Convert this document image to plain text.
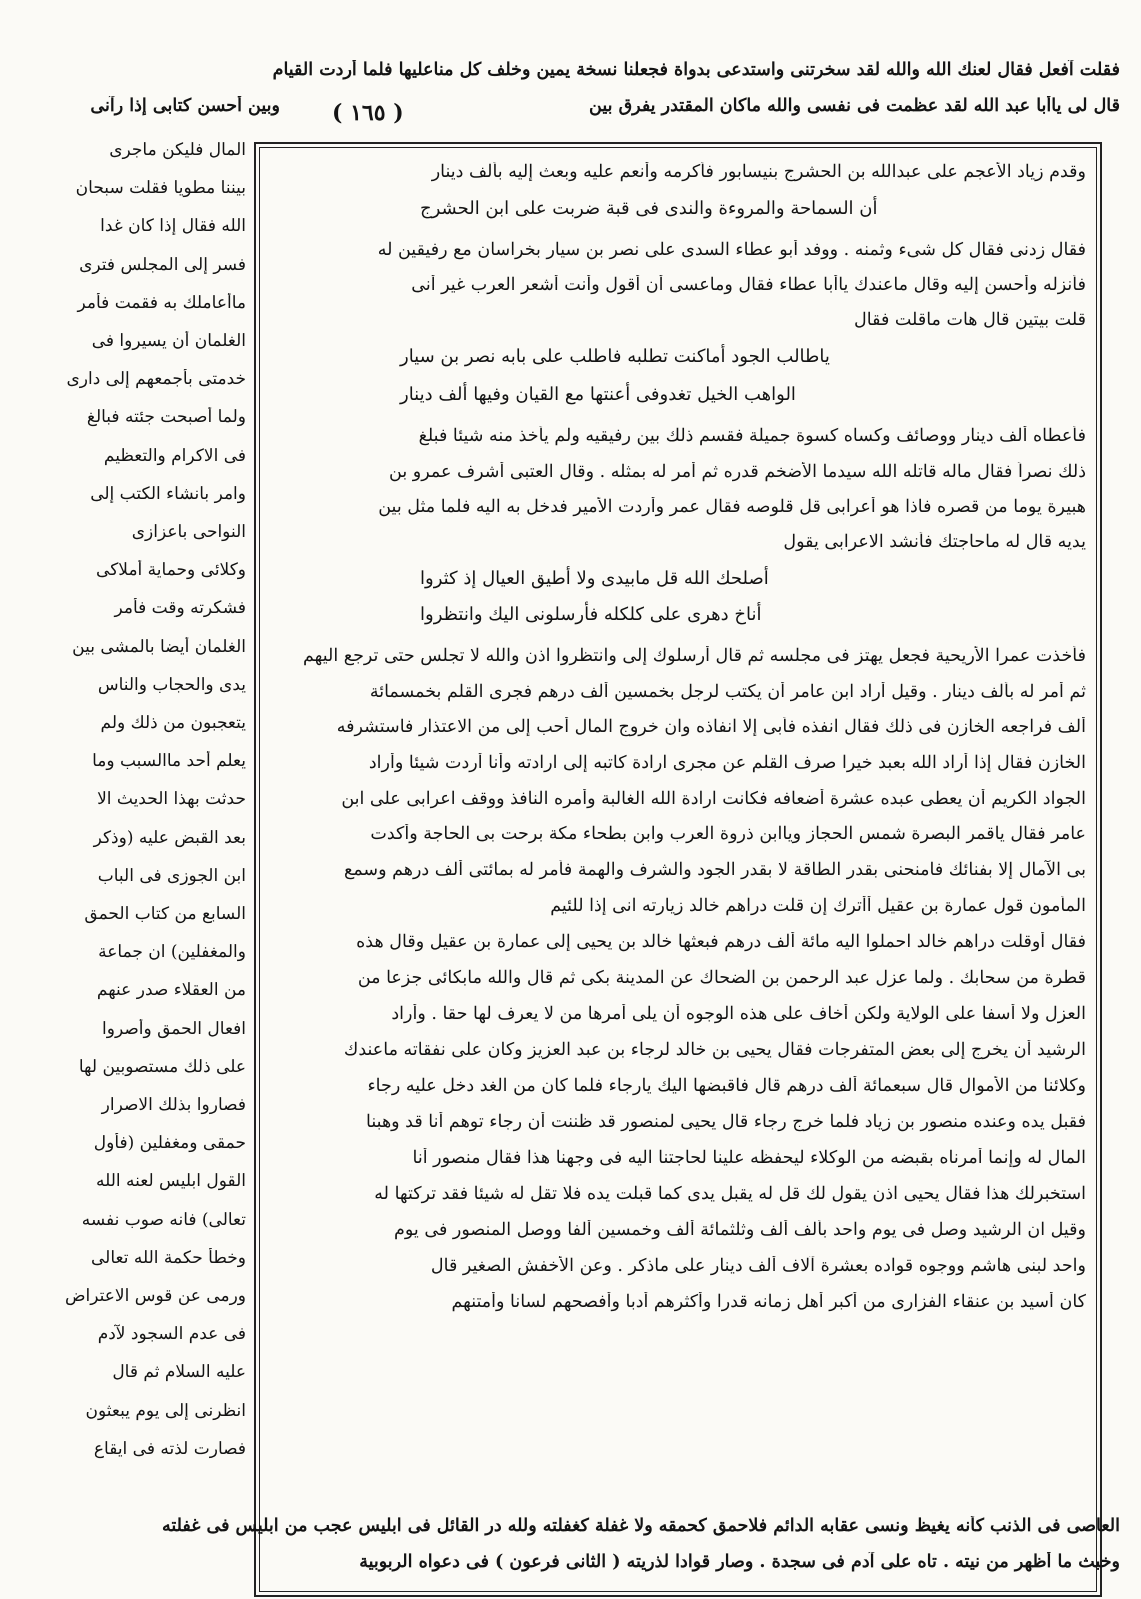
فقلت آفعل فقال لعنك الله والله لقد سخرتنى واستدعى بدواة فجعلنا نسخة يمين وخلف كل مناعليها فلما أردت القيام
قال لى ياأبا عبد الله لقد عظمت فى نفسى والله ماكان المقتدر يفرق بين
( ١٦٥ )
وبين أحسن كتابى إذا رآنى
وقدم زياد الأعجم على عبدالله بن الحشرج بنيسابور فأكرمه وأنعم عليه وبعث إليه بألف دينار
أن السماحة والمروءة والندى فى قبة ضربت على ابن الحشرج
فقال زدنى فقال كل شىء وثمنه . ووفد أبو عطاء السدى على نصر بن سيار بخراسان مع رفيقين له
فأنزله وأحسن إليه وقال ماعندك ياأبا عطاء فقال وماعسى أن أقول وأنت أشعر العرب غير أنى
قلت بيتين قال هات ماقلت فقال
ياطالب الجود أماكنت تطلبه فاطلب على بابه نصر بن سيار
الواهب الخيل تغدوفى أعنتها مع القيان وفيها ألف دينار
فأعطاه ألف دينار ووصائف وكساه كسوة جميلة فقسم ذلك بين رفيقيه ولم يأخذ منه شيئا فبلغ
ذلك نصراً فقال ماله قاتله الله سيدما الأضخم قدره ثم أمر له بمثله . وقال العتبى أشرف عمرو بن
هبيرة يوما من قصره فاذا هو أعرابى قل قلوصه فقال عمر وأردت الأمير فدخل به اليه فلما مثل بين
يديه قال له ماحاجتك فأنشد الاعرابى يقول
أصلحك الله قل مابيدى ولا أطيق العيال إذ كثروا
أناخ دهرى على كلكله فأرسلونى اليك وانتظروا
فأخذت عمرا الأريحية فجعل يهتز فى مجلسه ثم قال أرسلوك إلى وانتظروا اذن والله لا تجلس حتى ترجع اليهم
ثم أمر له بألف دينار . وقيل أراد ابن عامر أن يكتب لرجل بخمسين ألف درهم فجرى القلم بخمسمائة
ألف فراجعه الخازن فى ذلك فقال انفذه فأبى إلا انفاذه وان خروج المال أحب إلى من الاعتذار فاستشرفه
الخازن فقال إذا أراد الله بعبد خيرا صرف القلم عن مجرى ارادة كاتبه إلى ارادته وأنا أردت شيئا وأراد
الجواد الكريم أن يعطى عبده عشرة أضعافه فكانت ارادة الله الغالبة وأمره النافذ ووقف اعرابى على ابن
عامر فقال ياقمر البصرة شمس الحجاز وياابن ذروة العرب وابن بطحاء مكة برحت بى الحاجة وأكدت
بى الآمال إلا بفنائك فامنحنى بقدر الطاقة لا بقدر الجود والشرف والهمة فأمر له بمائتى ألف درهم وسمع
المأمون قول عمارة بن عقيل أأترك إن قلت دراهم خالد زيارته انى إذا للئيم
فقال أوقلت دراهم خالد احملوا اليه مائة ألف درهم فبعثها خالد بن يحيى إلى عمارة بن عقيل وقال هذه
قطرة من سحابك . ولما عزل عبد الرحمن بن الضحاك عن المدينة بكى ثم قال والله مابكائى جزعا من
العزل ولا أسفا على الولاية ولكن أخاف على هذه الوجوه أن يلى أمرها من لا يعرف لها حقا . وأراد
الرشيد أن يخرج إلى بعض المتفرجات فقال يحيى بن خالد لرجاء بن عبد العزيز وكان على نفقاته ماعندك
وكلائنا من الأموال قال سبعمائة ألف درهم قال فاقبضها اليك يارجاء فلما كان من الغد دخل عليه رجاء
فقبل يده وعنده منصور بن زياد فلما خرج رجاء قال يحيى لمنصور قد ظننت أن رجاء توهم أنا قد وهبنا
المال له وإنما أمرناه بقبضه من الوكلاء ليحفظه علينا لحاجتنا اليه فى وجهنا هذا فقال منصور أنا
استخبرلك هذا فقال يحيى اذن يقول لك قل له يقبل يدى كما قبلت يده فلا تقل له شيئا فقد تركتها له
وقيل ان الرشيد وصل فى يوم واحد بألف ألف وثلثمائة ألف وخمسين ألفا ووصل المنصور فى يوم
واحد لبنى هاشم ووجوه قواده بعشرة آلاف ألف دينار على ماذكر . وعن الأخفش الصغير قال
كان أسيد بن عنقاء الفزارى من أكبر أهل زمانه قدرا وأكثرهم أدبا وأفصحهم لسانا وأمتنهم
المال فليكن ماجرى
بيننا مطويا فقلت سبحان
الله فقال إذا كان غدا
فسر إلى المجلس فترى
ماأعاملك به فقمت فأمر
الغلمان أن يسيروا فى
خدمتى بأجمعهم إلى دارى
ولما أصبحت جئته فبالغ
فى الاكرام والتعظيم
وامر بانشاء الكتب إلى
النواحى باعزازى
وكلائى وحماية أملاكى
فشكرته وقت فأمر
الغلمان أيضا بالمشى بين
يدى والحجاب والناس
يتعجبون من ذلك ولم
يعلم أحد ماالسبب وما
حدثت بهذا الحديث الا
بعد القبض عليه (وذكر
ابن الجوزى فى الباب
السابع من كتاب الحمق
والمغفلين) ان جماعة
من العقلاء صدر عنهم
افعال الحمق وأصروا
على ذلك مستصوبين لها
فصاروا بذلك الاصرار
حمقى ومغفلين (فأول
القول ابليس لعنه الله
تعالى) فانه صوب نفسه
وخطأ حكمة الله تعالى
ورمى عن قوس الاعتراض
فى عدم السجود لآدم
عليه السلام ثم قال
انظرنى إلى يوم يبعثون
فصارت لذته فى ايقاع
العاصى فى الذنب كأنه يغيظ ونسى عقابه الدائم فلاحمق كحمقه ولا غفلة كغفلته ولله در القائل فى ابليس عجب من ابليس فى غفلته
وخبث ما أظهر من نيته . تاه على آدم فى سجدة . وصار قوادا لذريته ( الثانى فرعون ) فى دعواه الربوبية
